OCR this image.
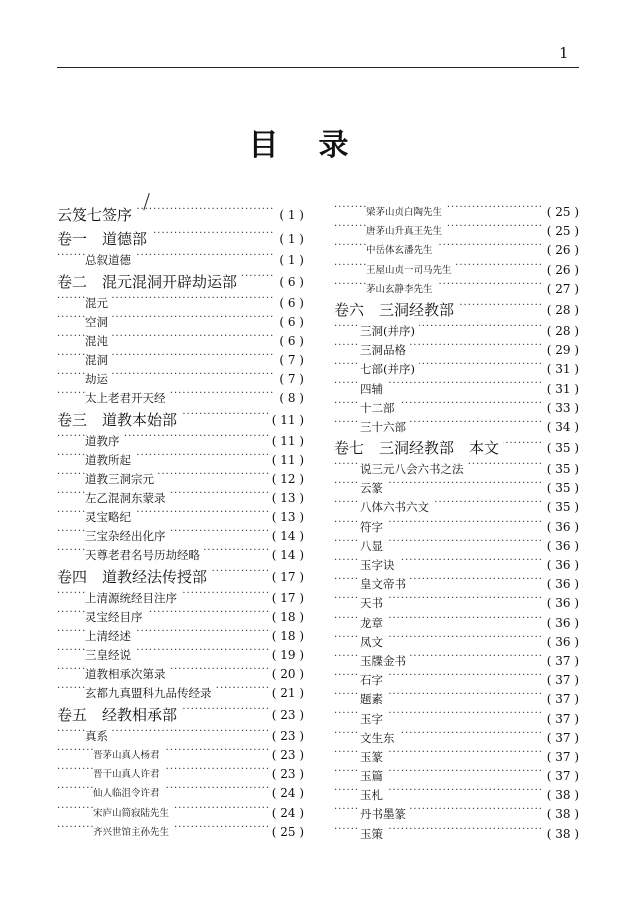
1
目录
云笈七签序	( 1 )
·····
卷一　道德部	( 1 )
·····
总叙道德	( 1 )
·····
卷二　混元混洞开辟劫运部	( 6 )
·····
混元	( 6 )
·····
空洞	( 6 )
·····
混沌	( 6 )
·····
混洞	( 7 )
·····
劫运	( 7 )
·····
太上老君开天经	( 8 )
·····
卷三　道教本始部	( 11 )
·····
道教序	( 11 )
·····
道教所起	( 11 )
·····
道教三洞宗元	( 12 )
·····
左乙混洞东蒙录	( 13 )
·····
灵宝略纪	( 13 )
·····
三宝杂经出化序	( 14 )
·····
天尊老君名号历劫经略	( 14 )
·····
卷四　道教经法传授部	( 17 )
·····
上清源统经目注序	( 17 )
·····
灵宝经目序	( 18 )
·····
上清经述	( 18 )
·····
三皇经说	( 19 )
·····
道教相承次第录	( 20 )
·····
玄都九真盟科九品传经录	( 21 )
·····
卷五　经教相承部	( 23 )
·····
真系	( 23 )
·····
晋茅山真人杨君	( 23 )
·····
晋干山真人许君	( 23 )
·····
仙人临沮令许君	( 24 )
·····
宋庐山简寂陆先生	( 24 )
·····
齐兴世馆主孙先生	( 25 )
·····
梁茅山贞白陶先生	( 25 )
·····
唐茅山升真王先生	( 25 )
·····
中岳体玄潘先生	( 26 )
·····
王屋山贞一司马先生	( 26 )
·····
茅山玄静李先生	( 27 )
·····
卷六　三洞经教部	( 28 )
·····
三洞(并序)	( 28 )
·····
三洞品格	( 29 )
·····
七部(并序)	( 31 )
·····
四辅	( 31 )
·····
十二部	( 33 )
·····
三十六部	( 34 )
·····
卷七　三洞经教部　本文	( 35 )
·····
说三元八会六书之法	( 35 )
·····
云篆	( 35 )
·····
八体六书六文	( 35 )
·····
符字	( 36 )
·····
八显	( 36 )
·····
玉字诀	( 36 )
·····
皇文帝书	( 36 )
·····
天书	( 36 )
·····
龙章	( 36 )
·····
凤文	( 36 )
·····
玉牒金书	( 37 )
·····
石字	( 37 )
·····
题素	( 37 )
·····
玉字	( 37 )
·····
文生东	( 37 )
·····
玉篆	( 37 )
·····
玉篇	( 37 )
·····
玉札	( 38 )
·····
丹书墨篆	( 38 )
·····
玉策	( 38 )
·····
